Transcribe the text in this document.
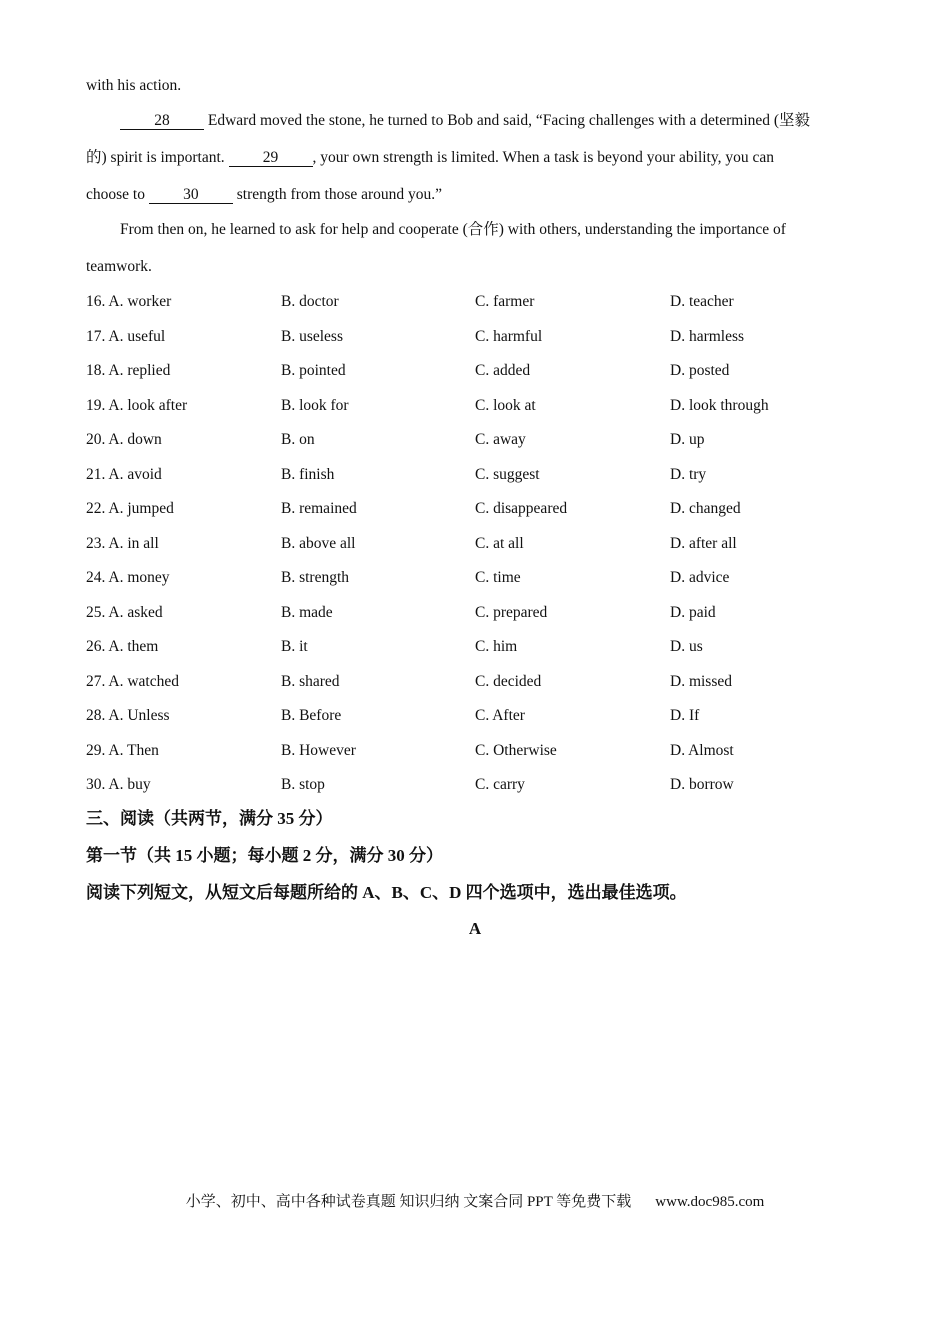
with his action.
28 Edward moved the stone, he turned to Bob and said, “Facing challenges with a determined (坚毅
的) spirit is important. 29 , your own strength is limited. When a task is beyond your ability, you can
choose to 30 strength from those around you.”
From then on, he learned to ask for help and cooperate (合作) with others, understanding the importance of
teamwork.
16. A. worker	B. doctor	C. farmer	D. teacher
17. A. useful	B. useless	C. harmful	D. harmless
18. A. replied	B. pointed	C. added	D. posted
19. A. look after	B. look for	C. look at	D. look through
20. A. down	B. on	C. away	D. up
21. A. avoid	B. finish	C. suggest	D. try
22. A. jumped	B. remained	C. disappeared	D. changed
23. A. in all	B. above all	C. at all	D. after all
24. A. money	B. strength	C. time	D. advice
25. A. asked	B. made	C. prepared	D. paid
26. A. them	B. it	C. him	D. us
27. A. watched	B. shared	C. decided	D. missed
28. A. Unless	B. Before	C. After	D. If
29. A. Then	B. However	C. Otherwise	D. Almost
30. A. buy	B. stop	C. carry	D. borrow
三、阅读（共两节，满分 35 分）
第一节（共 15 小题；每小题 2 分，满分 30 分）
阅读下列短文，从短文后每题所给的 A、B、C、D 四个选项中，选出最佳选项。
A
小学、初中、高中各种试卷真题 知识归纳 文案合同 PPT 等免费下载 www.doc985.com
